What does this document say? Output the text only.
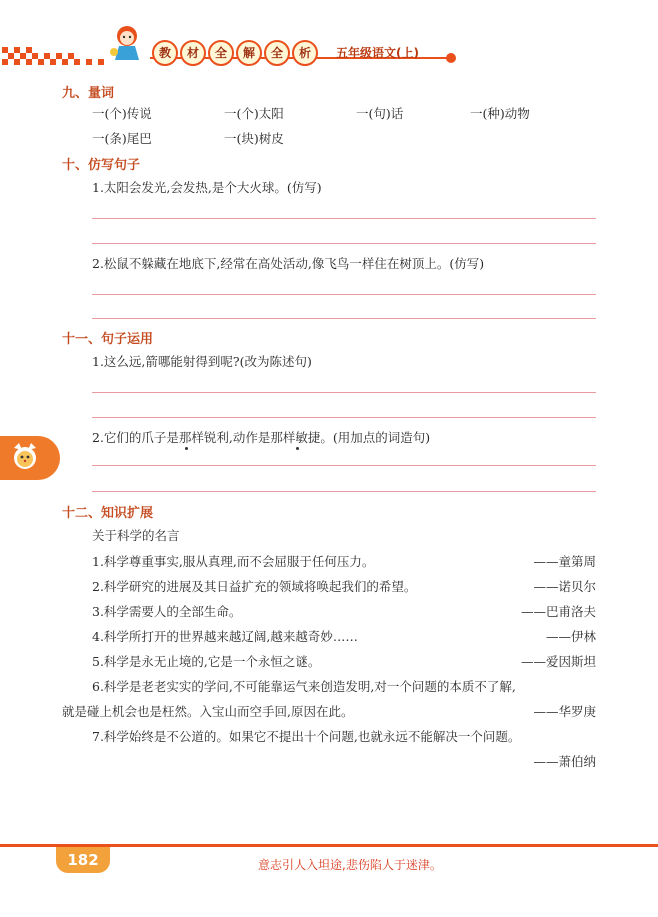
教	材	全	解	全	析	五年级语文(上)
九、量词
一(个)传说	一(个)太阳	一(句)话	一(种)动物
一(条)尾巴	一(块)树皮
十、仿写句子
1.太阳会发光,会发热,是个大火球。(仿写)
2.松鼠不躲藏在地底下,经常在高处活动,像飞鸟一样住在树顶上。(仿写)
十一、句子运用
1.这么远,箭哪能射得到呢?(改为陈述句)
2.它们的爪子是那样锐利,动作是那样敏捷。(用加点的词造句)
十二、知识扩展
关于科学的名言
1.科学尊重事实,服从真理,而不会屈服于任何压力。	——童第周
2.科学研究的进展及其日益扩充的领域将唤起我们的希望。	——诺贝尔
3.科学需要人的全部生命。	——巴甫洛夫
4.科学所打开的世界越来越辽阔,越来越奇妙……	——伊林
5.科学是永无止境的,它是一个永恒之谜。	——爱因斯坦
6.科学是老老实实的学问,不可能靠运气来创造发明,对一个问题的本质不了解,
就是碰上机会也是枉然。入宝山而空手回,原因在此。	——华罗庚
7.科学始终是不公道的。如果它不提出十个问题,也就永远不能解决一个问题。
——萧伯纳
182	意志引人入坦途,悲伤陷人于迷津。
